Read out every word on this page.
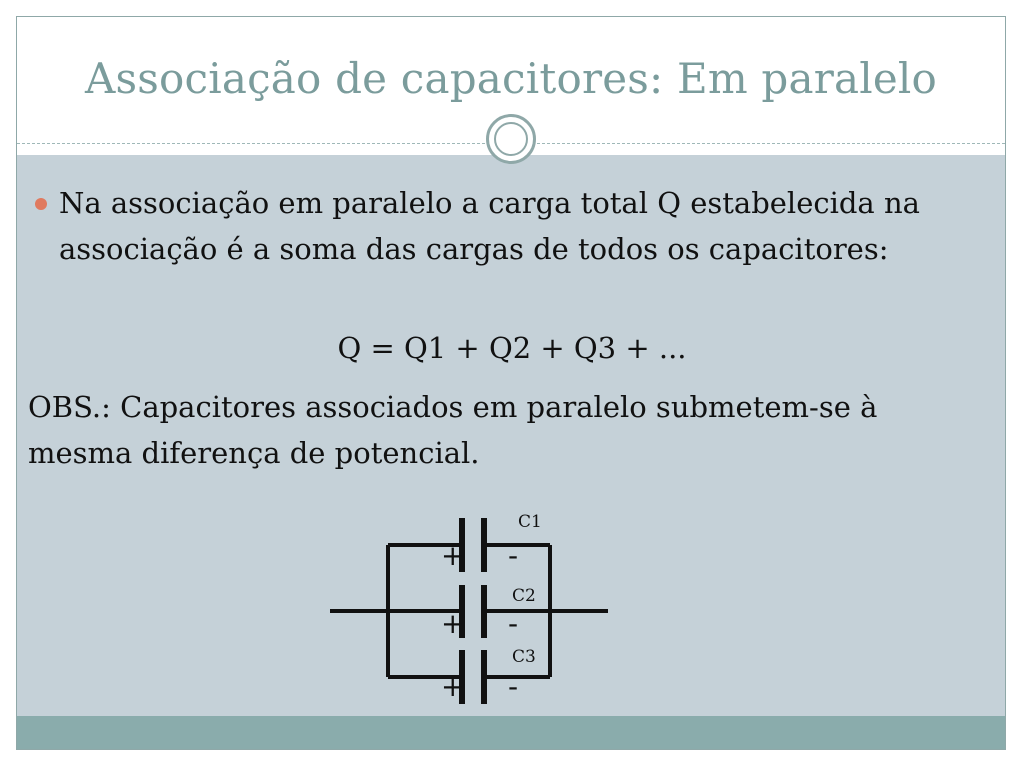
Associação de capacitores: Em paralelo
Na associação em paralelo a carga total Q estabelecida na associação é a soma das cargas de todos os capacitores:
Q = Q1 + Q2 + Q3 + ...
OBS.: Capacitores associados em paralelo submetem-se à mesma diferença de potencial.
+ -
+ -
+ -
C1
C2
C3
